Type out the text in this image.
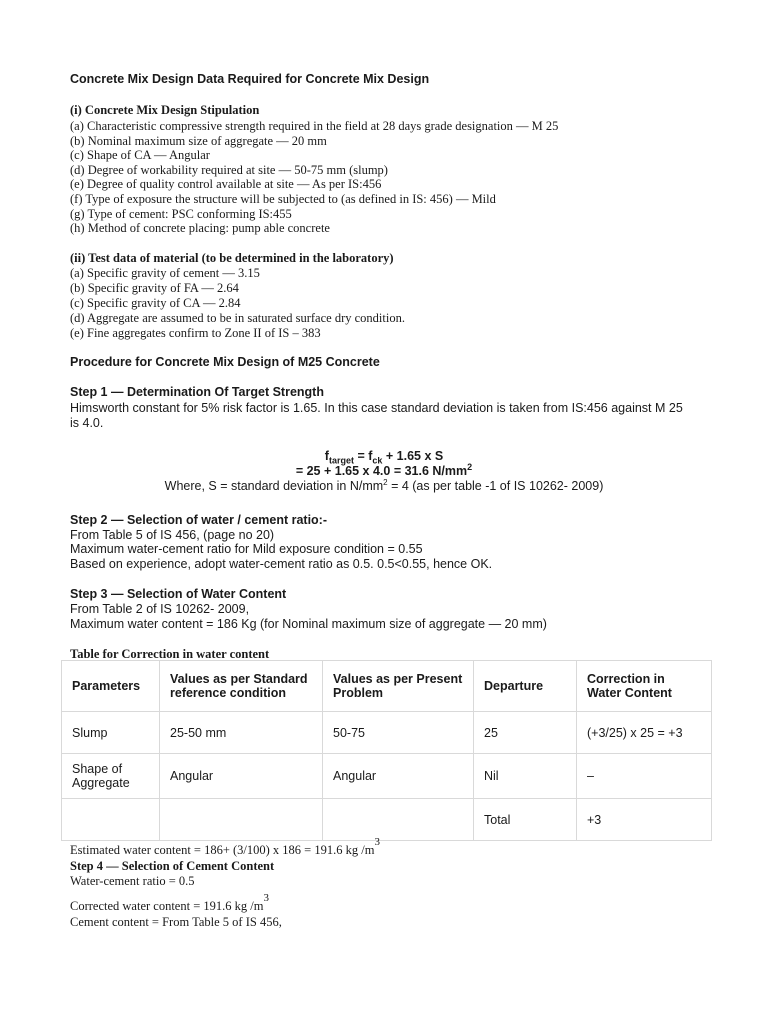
Concrete Mix Design Data Required for Concrete Mix Design
(i) Concrete Mix Design Stipulation
(a) Characteristic compressive strength required in the field at 28 days grade designation — M 25
(b) Nominal maximum size of aggregate — 20 mm
(c) Shape of CA — Angular
(d) Degree of workability required at site — 50-75 mm (slump)
(e) Degree of quality control available at site — As per IS:456
(f) Type of exposure the structure will be subjected to (as defined in IS: 456) — Mild
(g) Type of cement: PSC conforming IS:455
(h) Method of concrete placing: pump able concrete
(ii) Test data of material (to be determined in the laboratory)
(a) Specific gravity of cement — 3.15
(b) Specific gravity of FA — 2.64
(c) Specific gravity of CA — 2.84
(d) Aggregate are assumed to be in saturated surface dry condition.
(e) Fine aggregates confirm to Zone II of IS – 383
Procedure for Concrete Mix Design of M25 Concrete
Step 1 — Determination Of Target Strength
Himsworth constant for 5% risk factor is 1.65. In this case standard deviation is taken from IS:456 against M 25
is 4.0.
$f_{target} = f_{ck} + 1.65$ x S
= 25 + 1.65 x 4.0 = 31.6 $N/mm^2$
Where, S = standard deviation in $N/mm^2 = 4$ (as per table -1 of IS 10262- 2009)
Step 2 — Selection of water / cement ratio:-
From Table 5 of IS 456, (page no 20)
Maximum water-cement ratio for Mild exposure condition = 0.55
Based on experience, adopt water-cement ratio as 0.5. 0.5<0.55, hence OK.
Step 3 — Selection of Water Content
From Table 2 of IS 10262- 2009,
Maximum water content = 186 Kg (for Nominal maximum size of aggregate — 20 mm)
Table for Correction in water content
Parameters	Values as per Standard reference condition	Values as per Present Problem	Departure	Correction in Water Content
Slump	25-50 mm	50-75	25	(+3/25) x 25 = +3
Shape of Aggregate	Angular	Angular	Nil	–
			Total	+3
Estimated water content = 186+ (3/100) x 186 = 191.6 kg $/m^3$
Step 4 — Selection of Cement Content
Water-cement ratio = 0.5
Corrected water content = 191.6 kg $/m^3$
Cement content = From Table 5 of IS 456,
